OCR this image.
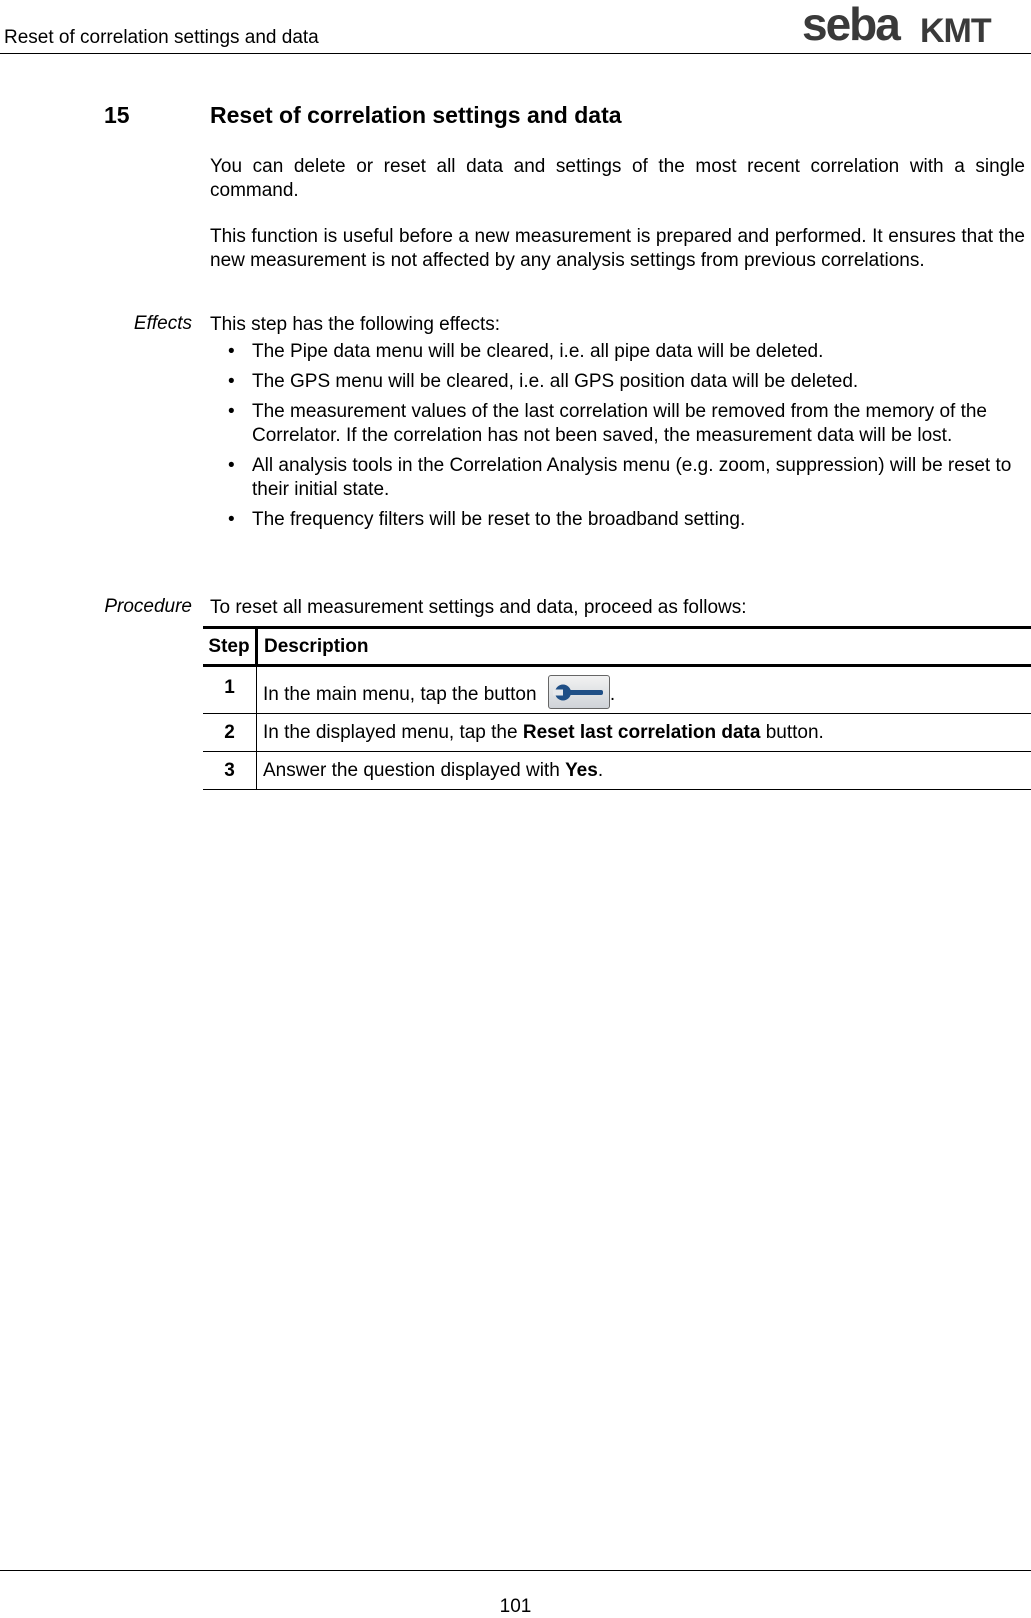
Reset of correlation settings and data	seba KMT
15	Reset of correlation settings and data
You can delete or reset all data and settings of the most recent correlation with a single command.
This function is useful before a new measurement is prepared and performed. It ensures that the new measurement is not affected by any analysis settings from previous correlations.
Effects This step has the following effects:
• The Pipe data menu will be cleared, i.e. all pipe data will be deleted.
• The GPS menu will be cleared, i.e. all GPS position data will be deleted.
• The measurement values of the last correlation will be removed from the memory of the Correlator. If the correlation has not been saved, the measurement data will be lost.
• All analysis tools in the Correlation Analysis menu (e.g. zoom, suppression) will be reset to their initial state.
• The frequency filters will be reset to the broadband setting.
Procedure To reset all measurement settings and data, proceed as follows:
Step	Description
1	In the main menu, tap the button .
2	In the displayed menu, tap the Reset last correlation data button.
3	Answer the question displayed with Yes.
101
